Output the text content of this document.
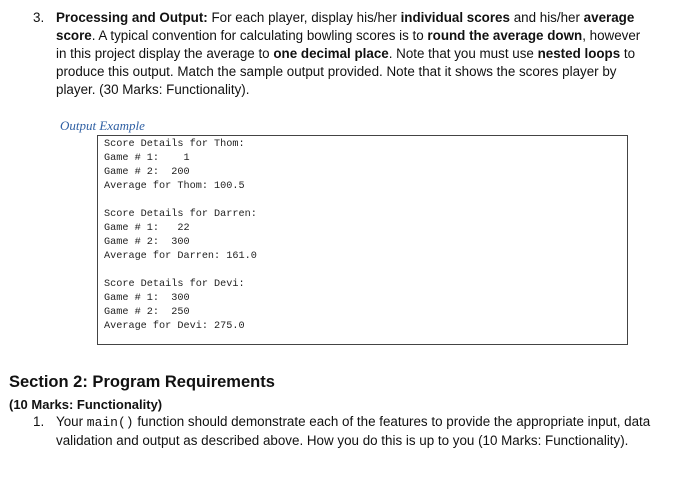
3. Processing and Output: For each player, display his/her individual scores and his/her average score. A typical convention for calculating bowling scores is to round the average down, however in this project display the average to one decimal place. Note that you must use nested loops to produce this output. Match the sample output provided. Note that it shows the scores player by player. (30 Marks: Functionality).
Output Example
Score Details for Thom:
Game # 1:    1
Game # 2:  200
Average for Thom: 100.5
Score Details for Darren:
Game # 1:   22
Game # 2:  300
Average for Darren: 161.0
Score Details for Devi:
Game # 1:  300
Game # 2:  250
Average for Devi: 275.0
Section 2: Program Requirements
(10 Marks: Functionality)
1. Your main() function should demonstrate each of the features to provide the appropriate input, data validation and output as described above. How you do this is up to you (10 Marks: Functionality).
